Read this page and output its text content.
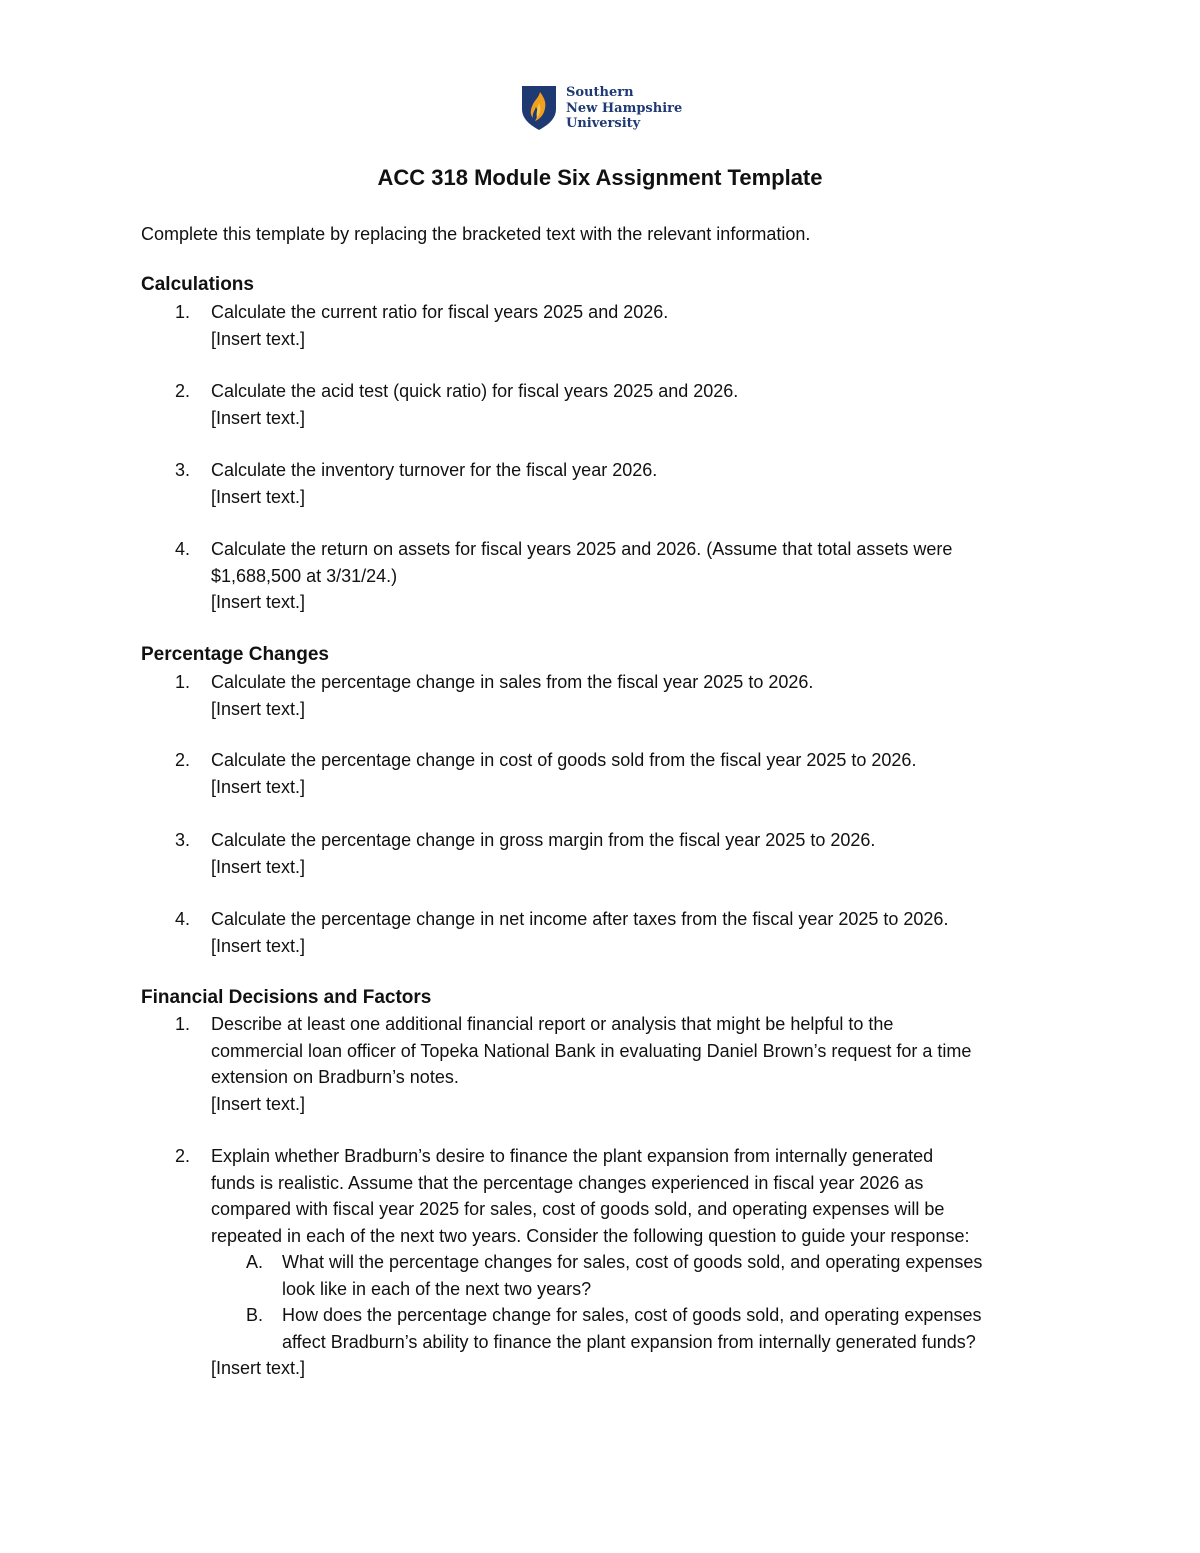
Southern
New Hampshire
University
ACC 318 Module Six Assignment Template
Complete this template by replacing the bracketed text with the relevant information.
Calculations
1.	Calculate the current ratio for fiscal years 2025 and 2026.
[Insert text.]
2.	Calculate the acid test (quick ratio) for fiscal years 2025 and 2026.
[Insert text.]
3.	Calculate the inventory turnover for the fiscal year 2026.
[Insert text.]
4.	Calculate the return on assets for fiscal years 2025 and 2026. (Assume that total assets were
$1,688,500 at 3/31/24.)
[Insert text.]
Percentage Changes
1.	Calculate the percentage change in sales from the fiscal year 2025 to 2026.
[Insert text.]
2.	Calculate the percentage change in cost of goods sold from the fiscal year 2025 to 2026.
[Insert text.]
3.	Calculate the percentage change in gross margin from the fiscal year 2025 to 2026.
[Insert text.]
4.	Calculate the percentage change in net income after taxes from the fiscal year 2025 to 2026.
[Insert text.]
Financial Decisions and Factors
1.	Describe at least one additional financial report or analysis that might be helpful to the
commercial loan officer of Topeka National Bank in evaluating Daniel Brown’s request for a time
extension on Bradburn’s notes.
[Insert text.]
2.	Explain whether Bradburn’s desire to finance the plant expansion from internally generated
funds is realistic. Assume that the percentage changes experienced in fiscal year 2026 as
compared with fiscal year 2025 for sales, cost of goods sold, and operating expenses will be
repeated in each of the next two years. Consider the following question to guide your response:
A. What will the percentage changes for sales, cost of goods sold, and operating expenses
look like in each of the next two years?
B. How does the percentage change for sales, cost of goods sold, and operating expenses
affect Bradburn’s ability to finance the plant expansion from internally generated funds?
[Insert text.]
